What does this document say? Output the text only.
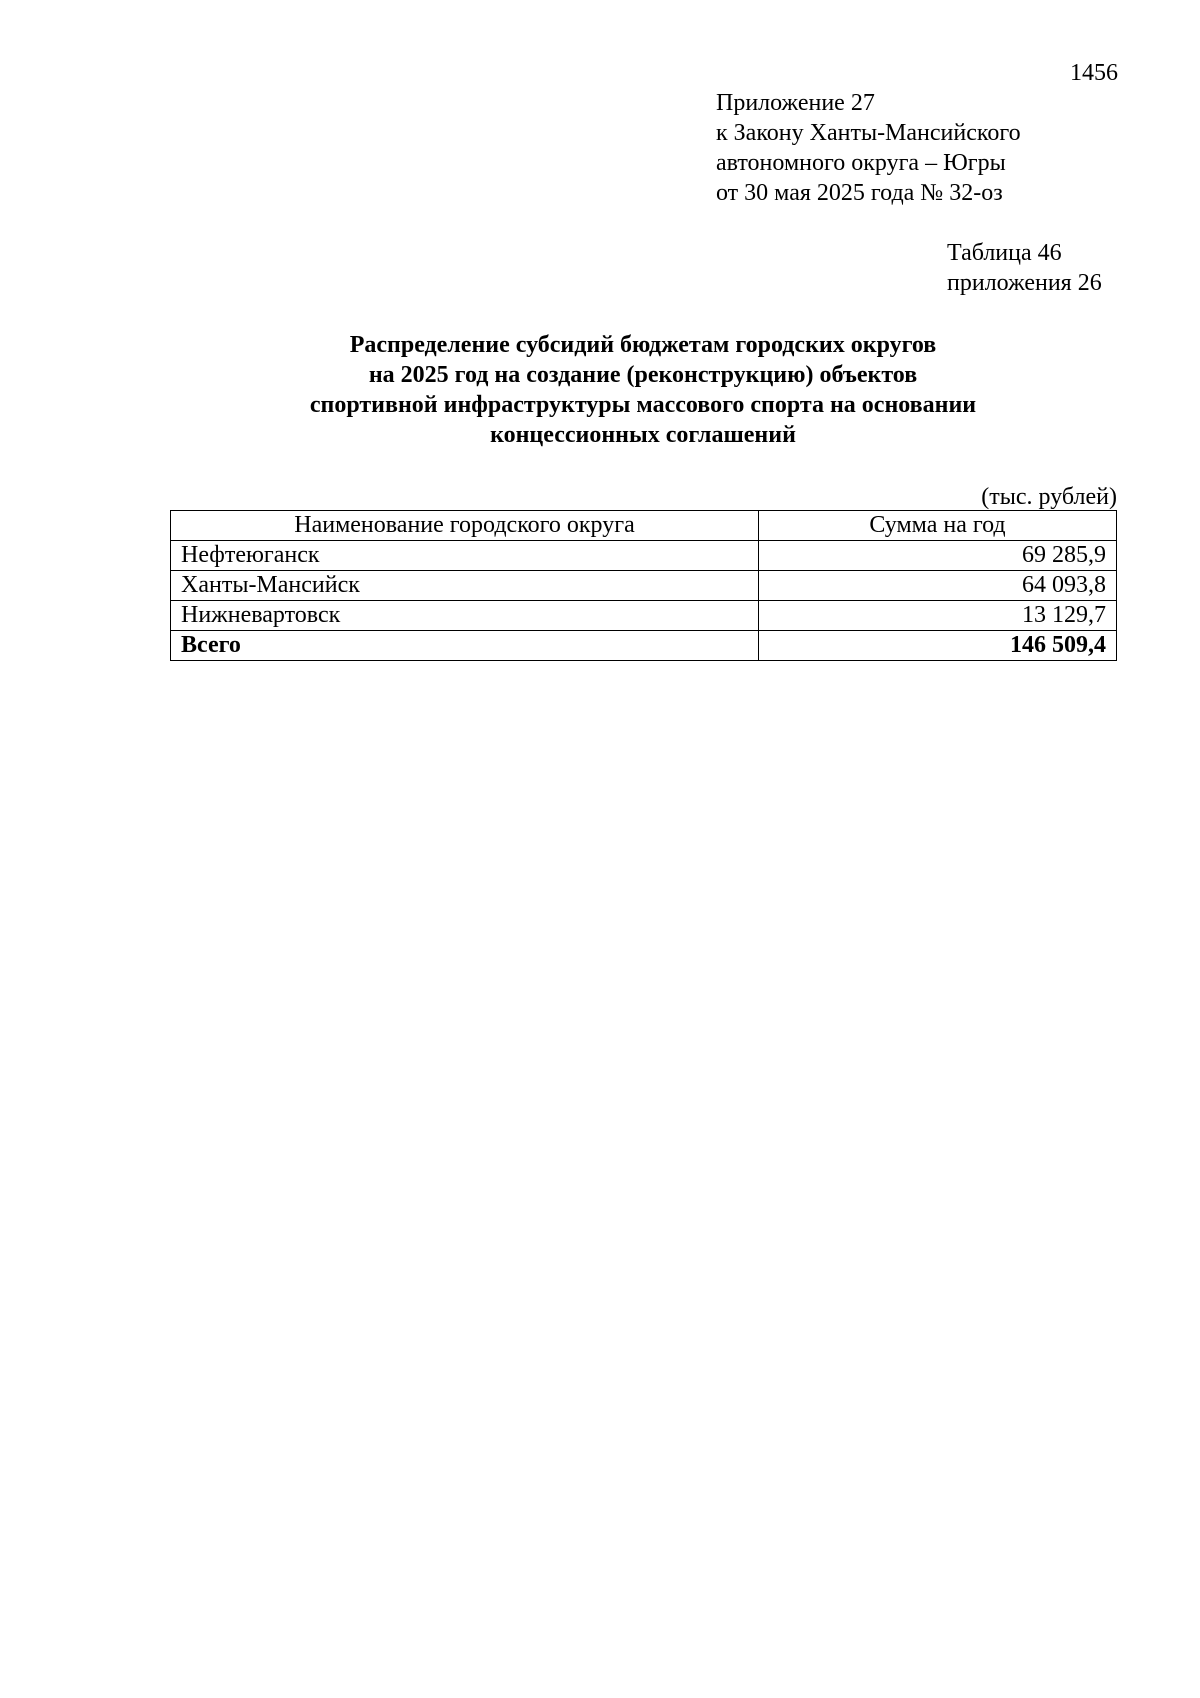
1456
Приложение 27
к Закону Ханты-Мансийского
автономного округа – Югры
от 30 мая 2025 года № 32-оз
Таблица 46
приложения 26
Распределение субсидий бюджетам городских округов
на 2025 год на создание (реконструкцию) объектов
спортивной инфраструктуры массового спорта на основании
концессионных соглашений
(тыс. рублей)
Наименование городского округа	Сумма на год
Нефтеюганск	69 285,9
Ханты-Мансийск	64 093,8
Нижневартовск	13 129,7
Всего	146 509,4
